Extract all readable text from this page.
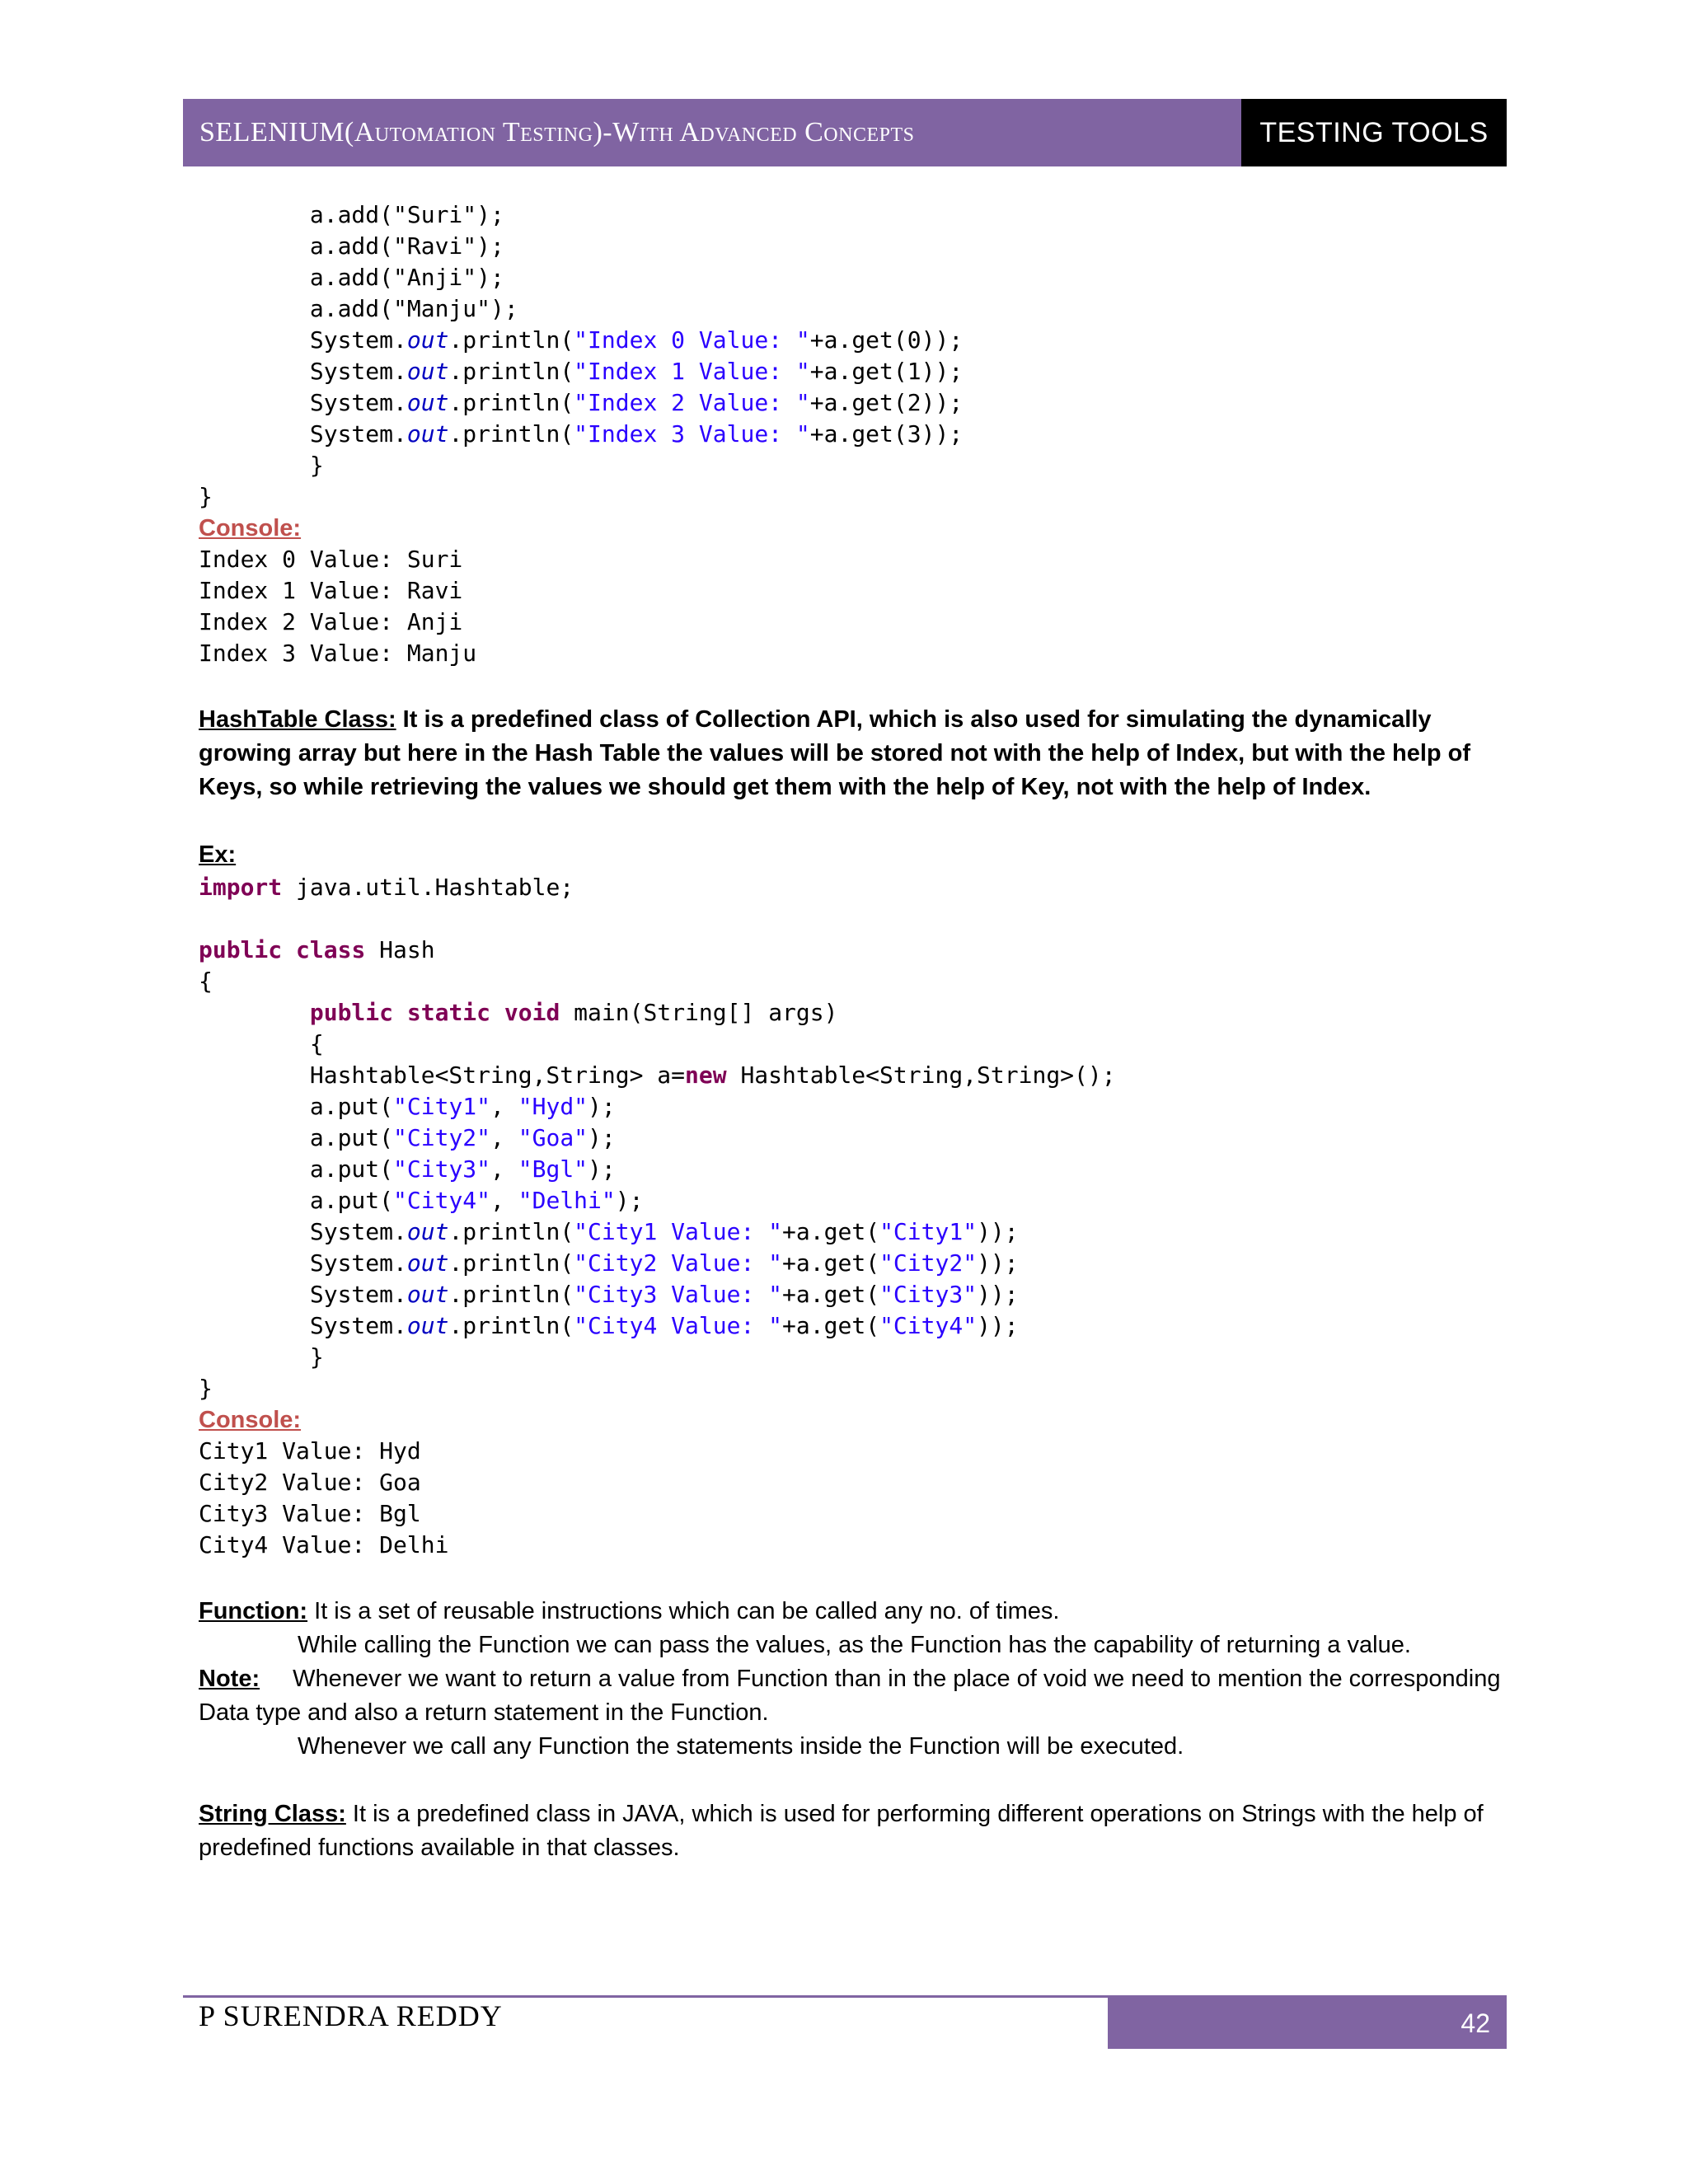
SELENIUM (Automation Testing) - With Advanced Concepts	TESTING TOOLS
a.add("Suri");
a.add("Ravi");
a.add("Anji");
a.add("Manju");
System.out.println("Index 0 Value: "+a.get(0));
System.out.println("Index 1 Value: "+a.get(1));
System.out.println("Index 2 Value: "+a.get(2));
System.out.println("Index 3 Value: "+a.get(3));
}
}
Console:
Index 0 Value: Suri
Index 1 Value: Ravi
Index 2 Value: Anji
Index 3 Value: Manju

HashTable Class: It is a predefined class of Collection API, which is also used for simulating the dynamically growing array but here in the Hash Table the values will be stored not with the help of Index, but with the help of Keys, so while retrieving the values we should get them with the help of Key, not with the help of Index.

Ex:
import java.util.Hashtable;

public class Hash
{
public static void main(String[] args)
{
Hashtable<String,String> a=new Hashtable<String,String>();
a.put("City1", "Hyd");
a.put("City2", "Goa");
a.put("City3", "Bgl");
a.put("City4", "Delhi");
System.out.println("City1 Value: "+a.get("City1"));
System.out.println("City2 Value: "+a.get("City2"));
System.out.println("City3 Value: "+a.get("City3"));
System.out.println("City4 Value: "+a.get("City4"));
}
}
Console:
City1 Value: Hyd
City2 Value: Goa
City3 Value: Bgl
City4 Value: Delhi

Function: It is a set of reusable instructions which can be called any no. of times.

While calling the Function we can pass the values, as the Function has the capability of returning a value.

Note: Whenever we want to return a value from Function than in the place of void we need to mention the corresponding Data type and also a return statement in the Function.

Whenever we call any Function the statements inside the Function will be executed.

String Class: It is a predefined class in JAVA, which is used for performing different operations on Strings with the help of predefined functions available in that classes.

P SURENDRA REDDY	42
